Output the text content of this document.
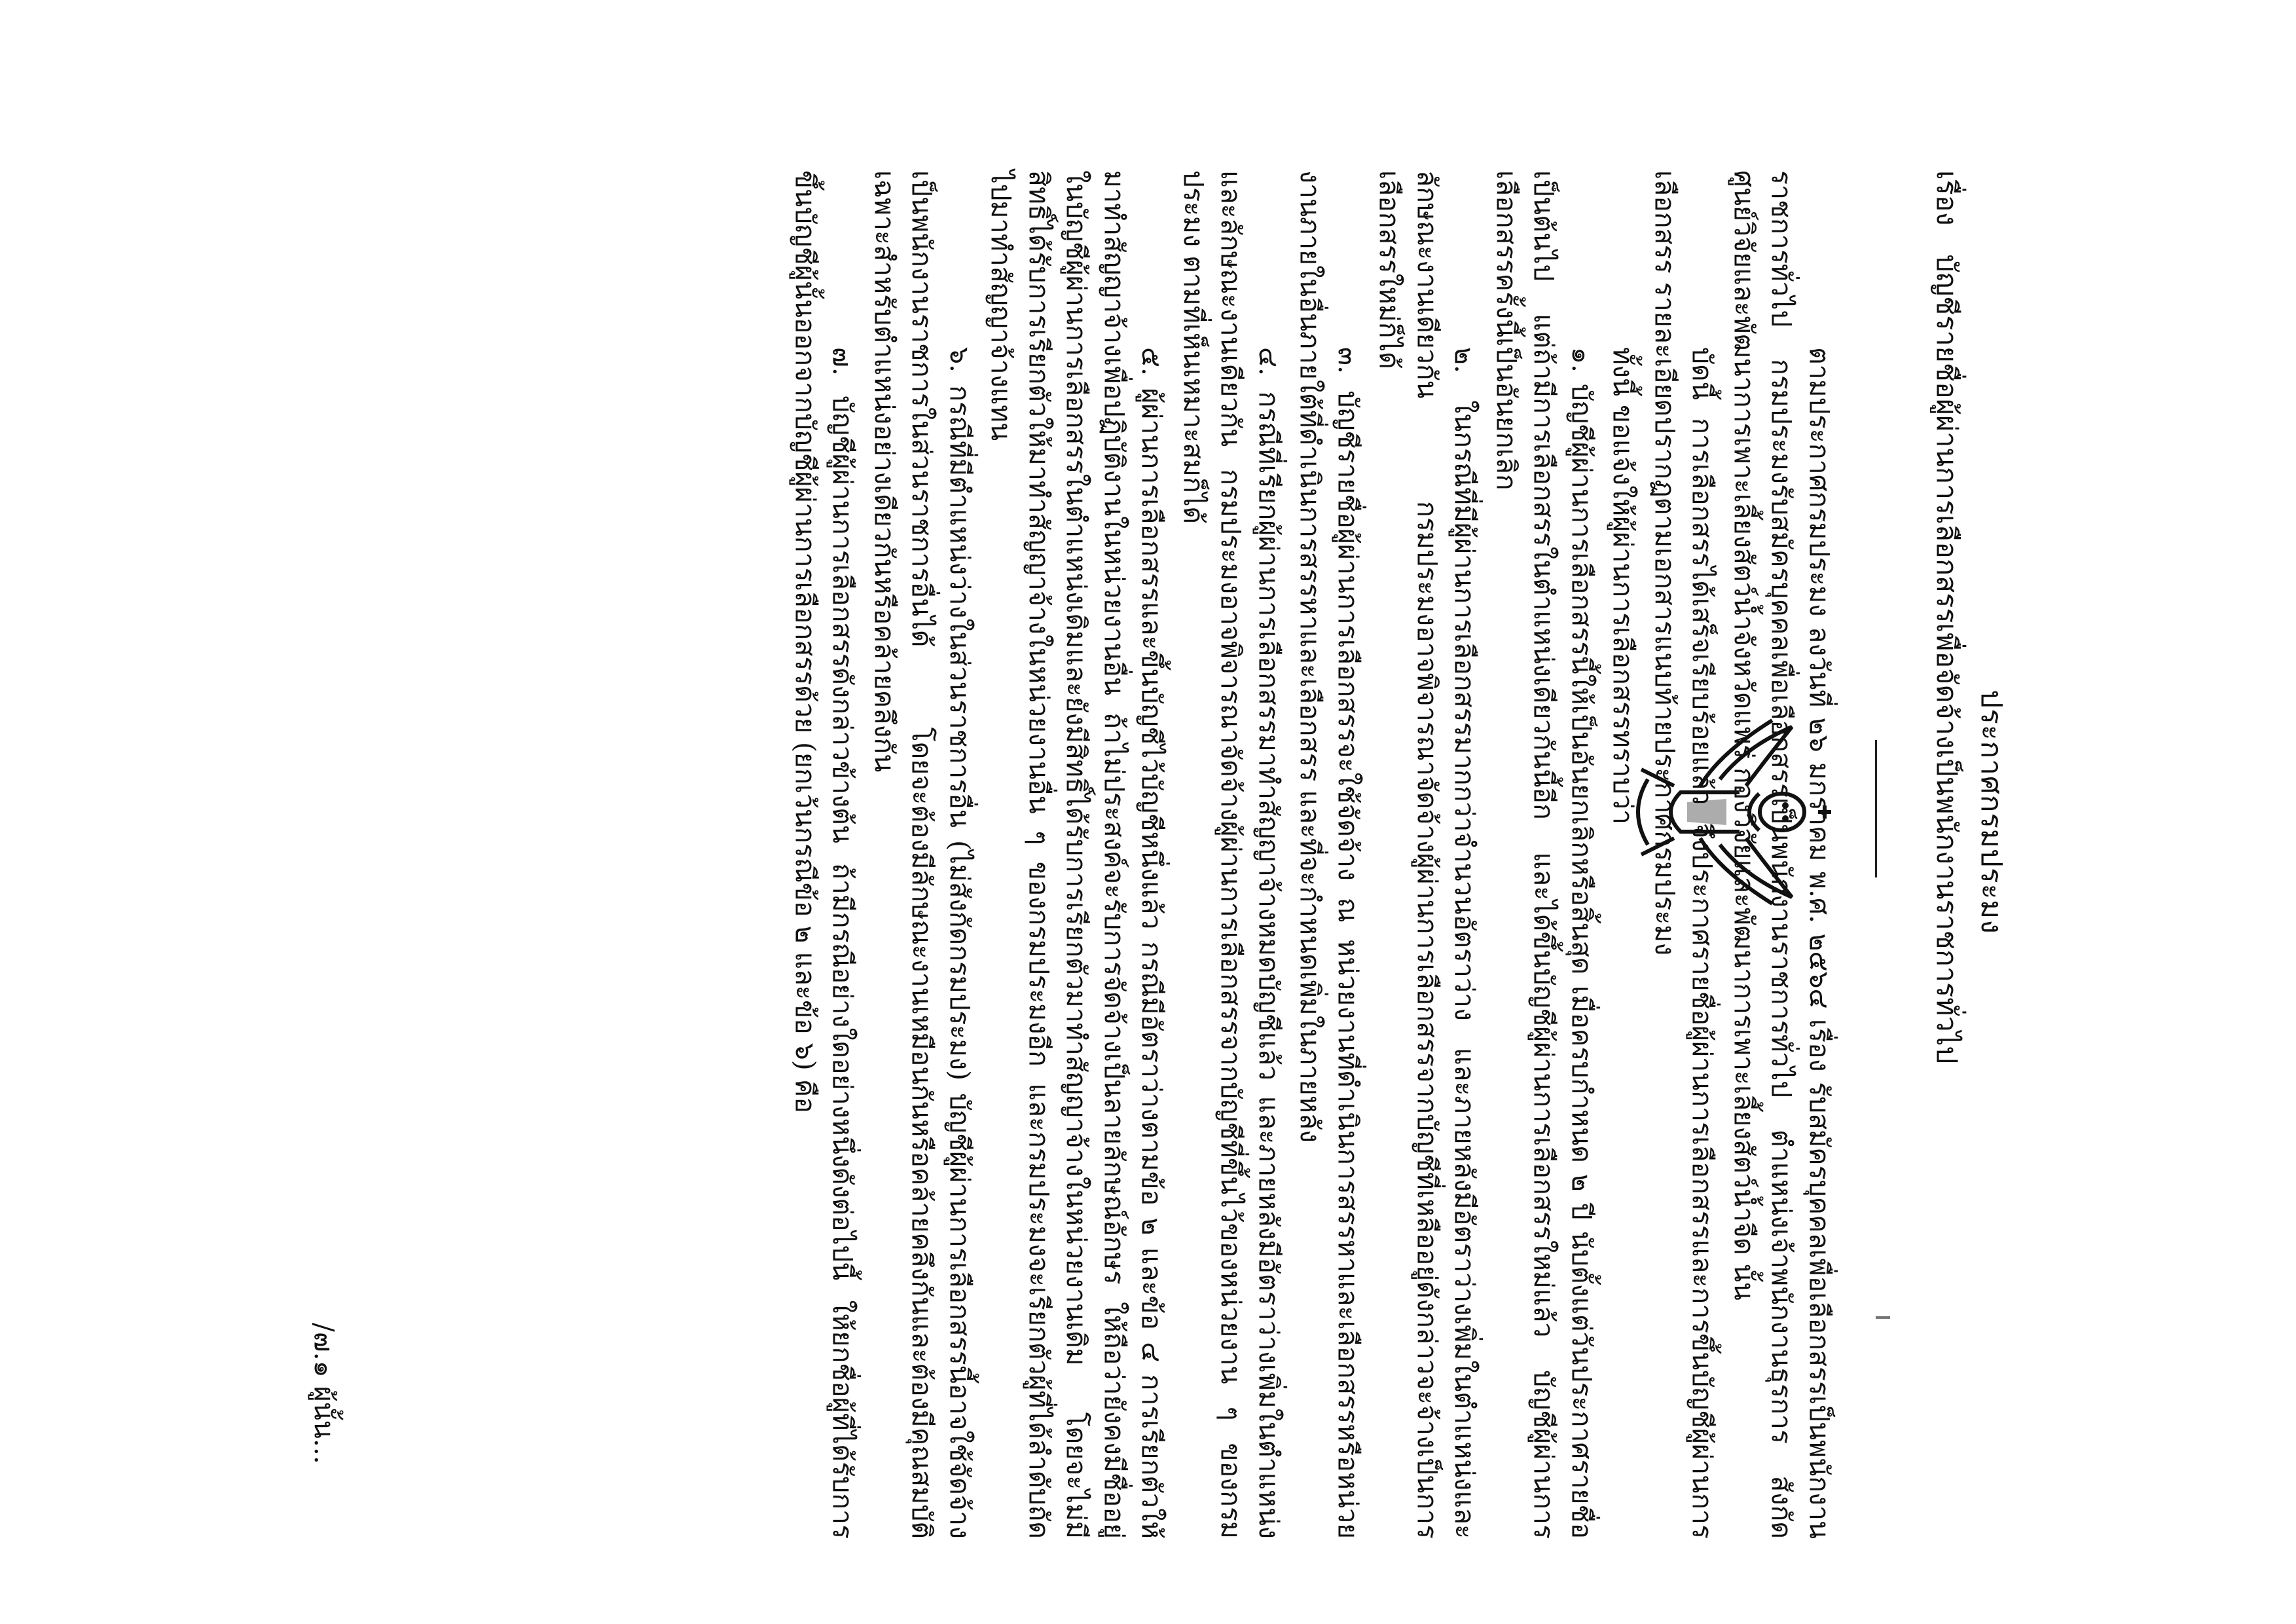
ประกาศกรมประมง
เรื่อง บัญชีรายชื่อผู้ผ่านการเลือกสรรเพื่อจัดจ้างเป็นพนักงานราชการทั่วไป

ตามประกาศกรมประมง ลงวันที่ ๒๖ มกราคม พ.ศ. ๒๕๖๔ เรื่อง รับสมัครบุคคลเพื่อเลือกสรรเป็นพนักงานราชการทั่วไป กรมประมงรับสมัครบุคคลเพื่อเลือกสรรเป็นพนักงานราชการทั่วไป ตำแหน่งเจ้าพนักงานธุรการ สังกัดศูนย์วิจัยและพัฒนาการเพาะเลี้ยงสัตว์น้ำจังหวัดแพร่ กองวิจัยและพัฒนาการเพาะเลี้ยงสัตว์น้ำจืด นั้น

บัดนี้ การเลือกสรรได้เสร็จเรียบร้อยแล้ว จึงประกาศรายชื่อผู้ผ่านการเลือกสรรและการขึ้นบัญชีผู้ผ่านการเลือกสรร รายละเอียดปรากฏตามเอกสารแนบท้ายประกาศกรมประมง

ทั้งนี้ ขอแจ้งให้ผู้ผ่านการเลือกสรรทราบว่า

๑. บัญชีผู้ผ่านการเลือกสรรนี้ให้เป็นอันยกเลิกหรือสิ้นสุด เมื่อครบกำหนด ๒ ปี นับตั้งแต่วันประกาศรายชื่อเป็นต้นไป แต่ถ้ามีการเลือกสรรในตำแหน่งเดียวกันนี้อีก และได้ขึ้นบัญชีผู้ผ่านการเลือกสรรใหม่แล้ว บัญชีผู้ผ่านการเลือกสรรครั้งนี้เป็นอันยกเลิก

๒. ในกรณีที่มีผู้ผ่านการเลือกสรรมากกว่าจำนวนอัตราว่าง และภายหลังมีอัตราว่างเพิ่มในตำแหน่งและลักษณะงานเดียวกัน กรมประมงอาจพิจารณาจัดจ้างผู้ผ่านการเลือกสรรจากบัญชีที่เหลืออยู่ดังกล่าวจะจ้างเป็นการเลือกสรรใหม่ก็ได้

๓. บัญชีรายชื่อผู้ผ่านการเลือกสรรจะใช้จัดจ้าง ณ หน่วยงานที่ดำเนินการสรรหาและเลือกสรรหรือหน่วยงานภายในอื่นภายใต้ที่ดำเนินการสรรหาและเลือกสรร และที่จะกำหนดเพิ่มในภายหลัง

๔. กรณีที่เรียกผู้ผ่านการเลือกสรรมาทำสัญญาจ้างหมดบัญชีแล้ว และภายหลังมีอัตราว่างเพิ่มในตำแหน่งและลักษณะงานเดียวกัน กรมประมงอาจพิจารณาจัดจ้างผู้ผ่านการเลือกสรรจากบัญชีที่ขึ้นไว้ของหน่วยงาน ๆ ของกรมประมง ตามที่เห็นเหมาะสมก็ได้

๕. ผู้ผ่านการเลือกสรรและขึ้นบัญชีไว้บัญชีหนึ่งแล้ว กรณีมีอัตราว่างตามข้อ ๒ และข้อ ๔ การเรียกตัวให้มาทำสัญญาจ้างเพื่อปฏิบัติงานในหน่วยงานอื่น ถ้าไม่ประสงค์จะรับการจัดจ้างเป็นลายลักษณ์อักษร ให้ถือว่ายังคงมีชื่ออยู่ในบัญชีผู้ผ่านการเลือกสรรในตำแหน่งเดิมและยังมีสิทธิ์ได้รับการเรียกตัวมาทำสัญญาจ้างในหน่วยงานเดิม โดยจะไม่มีสิทธิ์ได้รับการเรียกตัวให้มาทำสัญญาจ้างในหน่วยงานอื่น ๆ ของกรมประมงอีก และกรมประมงจะเรียกตัวผู้ที่ได้ลำดับถัดไปมาทำสัญญาจ้างแทน

๖. กรณีที่มีตำแหน่งว่างในส่วนราชการอื่น (ไม่สังกัดกรมประมง) บัญชีผู้ผ่านการเลือกสรรนี้อาจใช้จัดจ้างเป็นพนักงานราชการในส่วนราชการอื่นได้ โดยจะต้องมีลักษณะงานเหมือนกันหรือคล้ายคลึงกันและต้องมีคุณสมบัติเฉพาะสำหรับตำแหน่งอย่างเดียวกันหรือคล้ายคลึงกัน

๗. บัญชีผู้ผ่านการเลือกสรรดังกล่าวข้างต้น ถ้ามีกรณีอย่างใดอย่างหนึ่งดังต่อไปนี้ ให้ยกชื่อผู้ที่ได้รับการขึ้นบัญชีผู้นั้นออกจากบัญชีผู้ผ่านการเลือกสรรด้วย (ยกเว้นกรณีข้อ ๒ และข้อ ๖) คือ

/๗.๑ ผู้นั้น...
